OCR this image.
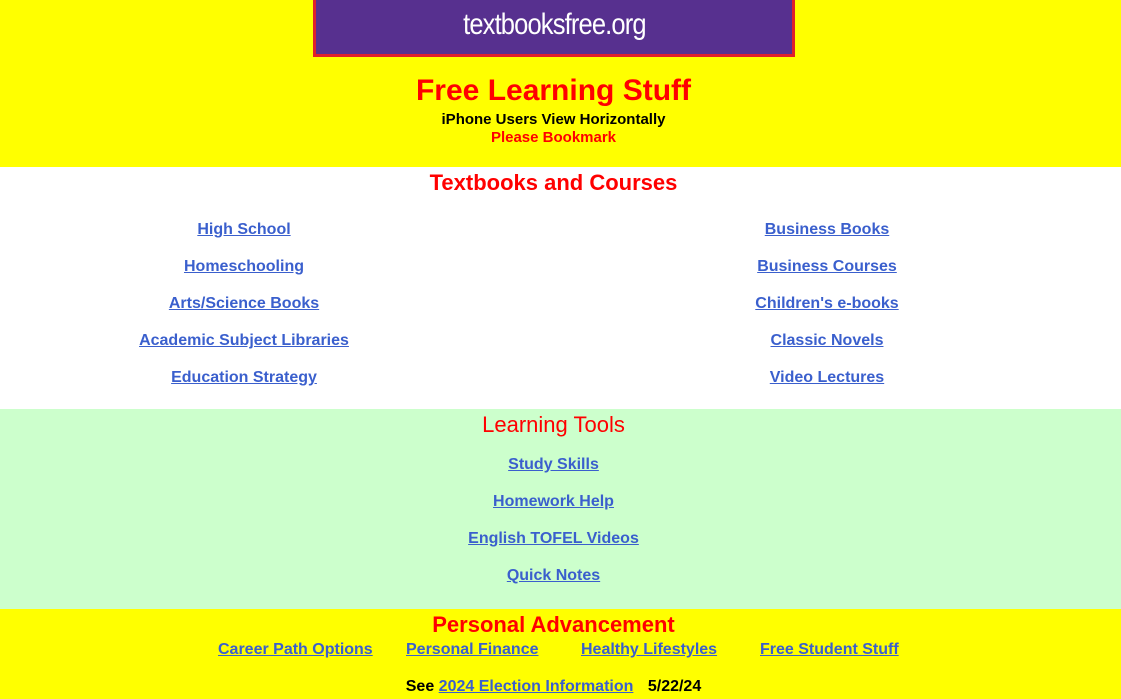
textbooksfree.org
Free Learning Stuff
iPhone Users View Horizontally
Please Bookmark
Textbooks and Courses
High School
Homeschooling
Arts/Science Books
Academic Subject Libraries
Education Strategy
Business Books
Business Courses
Children's e-books
Classic Novels
Video Lectures
Learning Tools
Study Skills
Homework Help
English TOFEL Videos
Quick Notes
Personal Advancement
Career Path Options Personal Finance	Healthy Lifestyles	Free Student Stuff
See 2024 Election Information 5/22/24
